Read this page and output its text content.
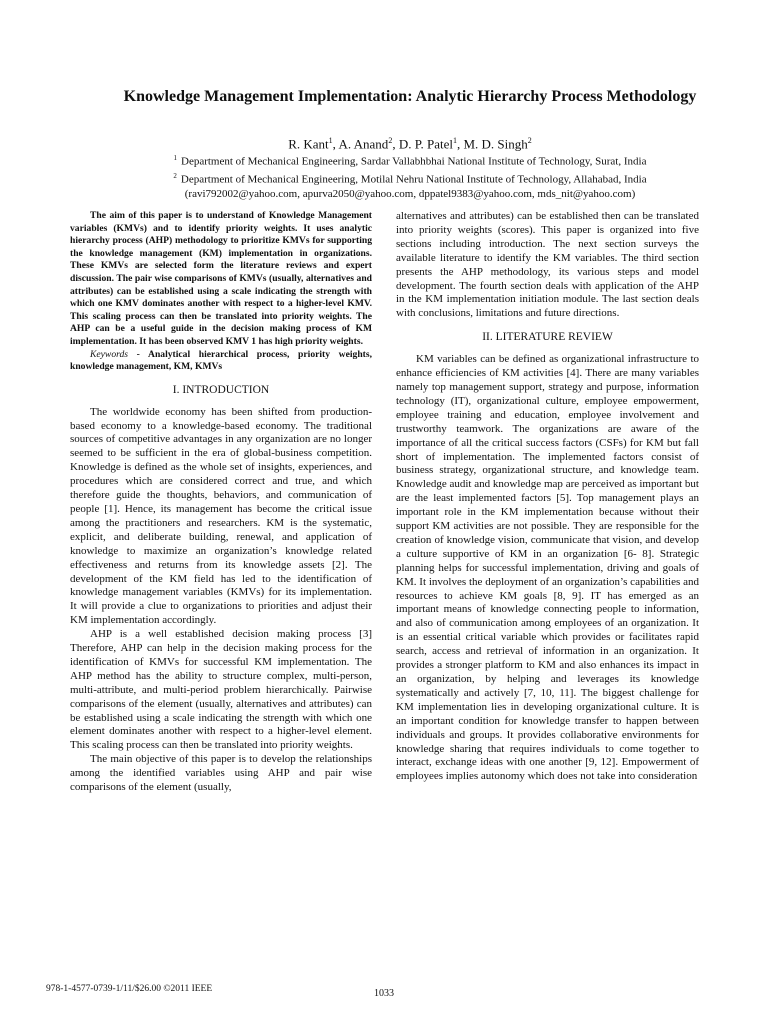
Knowledge Management Implementation: Analytic Hierarchy Process Methodology
R. Kant$^1$, A. Anand$^2$, D. P. Patel$^1$, M. D. Singh$^2$
$^1$ Department of Mechanical Engineering, Sardar Vallabhbhai National Institute of Technology, Surat, India
$^2$ Department of Mechanical Engineering, Motilal Nehru National Institute of Technology, Allahabad, India
(ravi792002@yahoo.com, apurva2050@yahoo.com, dppatel9383@yahoo.com, mds_nit@yahoo.com)

The aim of this paper is to understand of Knowledge Management variables (KMVs) and to identify priority weights. It uses analytic hierarchy process (AHP) methodology to prioritize KMVs for supporting the knowledge management (KM) implementation in organizations. These KMVs are selected form the literature reviews and expert discussion. The pair wise comparisons of KMVs (usually, alternatives and attributes) can be established using a scale indicating the strength with which one KMV dominates another with respect to a higher-level KMV. This scaling process can then be translated into priority weights. The AHP can be a useful guide in the decision making process of KM implementation. It has been observed KMV 1 has high priority weights.

Keywords - Analytical hierarchical process, priority weights, knowledge management, KM, KMVs

I. INTRODUCTION

The worldwide economy has been shifted from production-based economy to a knowledge-based economy. The traditional sources of competitive advantages in any organization are no longer seemed to be sufficient in the era of global-business competition. Knowledge is defined as the whole set of insights, experiences, and procedures which are considered correct and true, and which therefore guide the thoughts, behaviors, and communication of people [1]. Hence, its management has become the critical issue among the practitioners and researchers. KM is the systematic, explicit, and deliberate building, renewal, and application of knowledge to maximize an organization’s knowledge related effectiveness and returns from its knowledge assets [2]. The development of the KM field has led to the identification of knowledge management variables (KMVs) for its implementation. It will provide a clue to organizations to priorities and adjust their KM implementation accordingly.

AHP is a well established decision making process [3] Therefore, AHP can help in the decision making process for the identification of KMVs for successful KM implementation. The AHP method has the ability to structure complex, multi-person, multi-attribute, and multi-period problem hierarchically. Pairwise comparisons of the element (usually, alternatives and attributes) can be established using a scale indicating the strength with which one element dominates another with respect to a higher-level element. This scaling process can then be translated into priority weights.

The main objective of this paper is to develop the relationships among the identified variables using AHP and pair wise comparisons of the element (usually,

alternatives and attributes) can be established then can be translated into priority weights (scores). This paper is organized into five sections including introduction. The next section surveys the available literature to identify the KM variables. The third section presents the AHP methodology, its various steps and model development. The fourth section deals with application of the AHP in the KM implementation initiation module. The last section deals with conclusions, limitations and future directions.

II. LITERATURE REVIEW

KM variables can be defined as organizational infrastructure to enhance efficiencies of KM activities [4]. There are many variables namely top management support, strategy and purpose, information technology (IT), organizational culture, employee empowerment, employee training and education, employee involvement and trustworthy teamwork. The organizations are aware of the importance of all the critical success factors (CSFs) for KM but fall short of implementation. The implemented factors consist of business strategy, organizational structure, and knowledge team. Knowledge audit and knowledge map are perceived as important but are the least implemented factors [5]. Top management plays an important role in the KM implementation because without their support KM activities are not possible. They are responsible for the creation of knowledge vision, communicate that vision, and develop a culture supportive of KM in an organization [6- 8]. Strategic planning helps for successful implementation, driving and goals of KM. It involves the deployment of an organization’s capabilities and resources to achieve KM goals [8, 9]. IT has emerged as an important means of knowledge connecting people to information, and also of communication among employees of an organization. It is an essential critical variable which provides or facilitates rapid search, access and retrieval of information in an organization. It provides a stronger platform to KM and also enhances its impact in an organization, by helping and leverages its knowledge systematically and actively [7, 10, 11]. The biggest challenge for KM implementation lies in developing organizational culture. It is an important condition for knowledge transfer to happen between individuals and groups. It provides collaborative environments for knowledge sharing that requires individuals to come together to interact, exchange ideas with one another [9, 12]. Empowerment of employees implies autonomy which does not take into consideration

978-1-4577-0739-1/11/$26.00 ©2011 IEEE	1033
